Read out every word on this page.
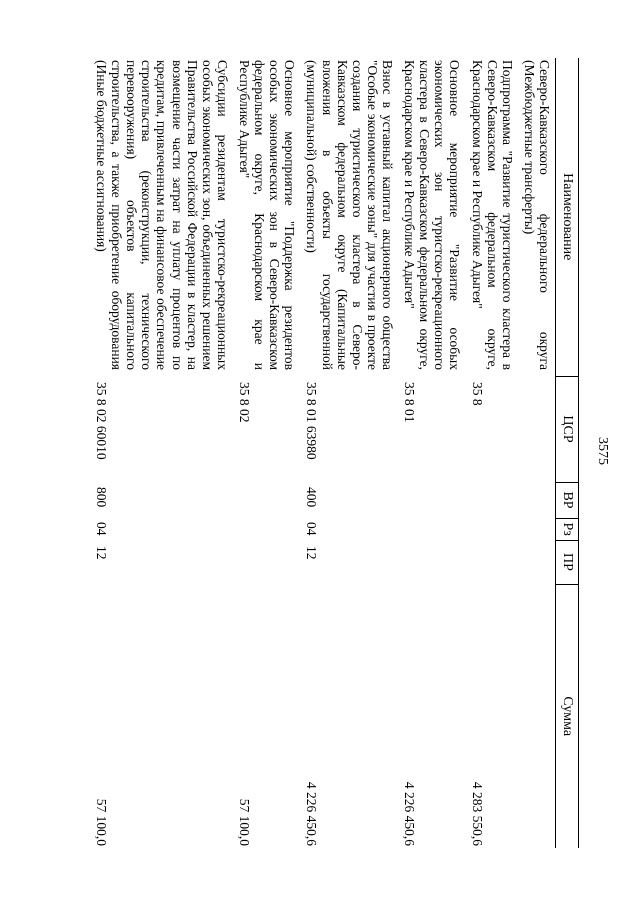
3575
Наименование	ЦСР	ВР	Рз	ПР	Сумма
Северо-Кавказского федерального округа (Межбюджетные трансферты)					
Подпрограмма "Развитие туристического кластера в Северо-Кавказском федеральном округе, Краснодарском крае и Республике Адыгея"	35 8				4 283 550,6
Основное мероприятие "Развитие особых экономических зон туристско-рекреационного кластера в Северо-Кавказском федеральном округе, Краснодарском крае и Республике Адыгея"	35 8 01				4 226 450,6
Взнос в уставный капитал акционерного общества "Особые экономические зоны" для участия в проекте создания туристического кластера в Северо-Кавказском федеральном округе (Капитальные вложения в объекты государственной (муниципальной) собственности)	35 8 01 63980	400	04	12	4 226 450,6
Основное мероприятие "Поддержка резидентов особых экономических зон в Северо-Кавказском федеральном округе, Краснодарском крае и Республике Адыгея"	35 8 02				57 100,0
Субсидии резидентам туристско-рекреационных особых экономических зон, объединенных решением Правительства Российской Федерации в кластер, на возмещение части затрат на уплату процентов по кредитам, привлеченным на финансовое обеспечение строительства (реконструкции, технического перевооружения) объектов капитального строительства, а также приобретение оборудования (Иные бюджетные ассигнования)	35 8 02 60010	800	04	12	57 100,0
